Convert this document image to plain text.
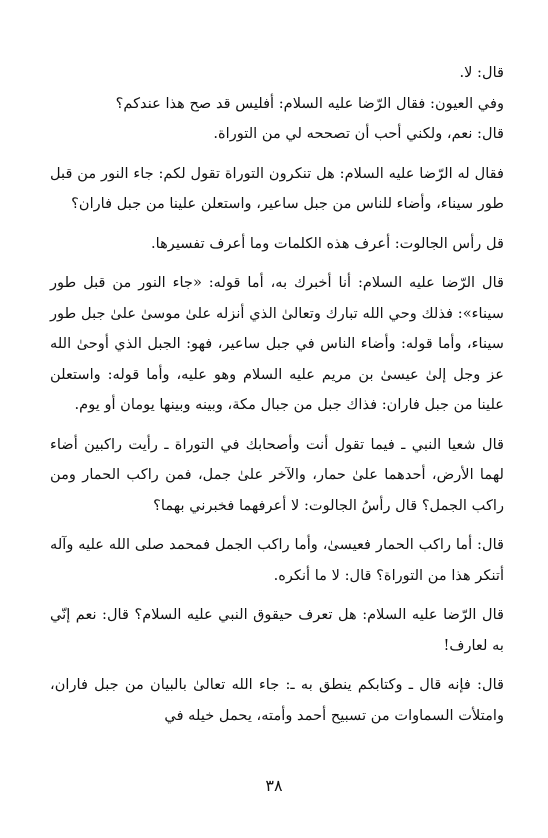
قال: لا.

وفي العيون: فقال الرّضا عليه السلام: أفليس قد صح هذا عندكم؟

قال: نعم، ولكني أحب أن تصححه لي من التوراة.

فقال له الرّضا عليه السلام: هل تنكرون التوراة تقول لكم: جاء النور من قبل طور سيناء، وأضاء للناس من جبل ساعير، واستعلن علينا من جبل فاران؟

قل رأس الجالوت: أعرف هذه الكلمات وما أعرف تفسيرها.

قال الرّضا عليه السلام: أنا أخبرك به، أما قوله: «جاء النور من قبل طور سيناء»: فذلك وحي الله تبارك وتعالىٰ الذي أنزله علىٰ موسىٰ علىٰ جبل طور سيناء، وأما قوله: وأضاء الناس في جبل ساعير، فهو: الجبل الذي أوحىٰ الله عز وجل إلىٰ عيسىٰ بن مريم عليه السلام وهو عليه، وأما قوله: واستعلن علينا من جبل فاران: فذاك جبل من جبال مكة، وبينه وبينها يومان أو يوم.

قال شعيا النبي ـ فيما تقول أنت وأصحابك في التوراة ـ رأيت راكبين أضاء لهما الأرض، أحدهما علىٰ حمار، والآخر علىٰ جمل، فمن راكب الحمار ومن راكب الجمل؟ قال رأسُ الجالوت: لا أعرفهما فخبرني بهما؟

قال: أما راكب الحمار فعيسىٰ، وأما راكب الجمل فمحمد صلى الله عليه وآله أتنكر هذا من التوراة؟ قال: لا ما أنكره.

قال الرّضا عليه السلام: هل تعرف حيقوق النبي عليه السلام؟ قال: نعم إنّي به لعارف!

قال: فإنه قال ـ وكتابكم ينطق به ـ: جاء الله تعالىٰ بالبيان من جبل فاران، وامتلأت السماوات من تسبيح أحمد وأمته، يحمل خيله في

٣٨
